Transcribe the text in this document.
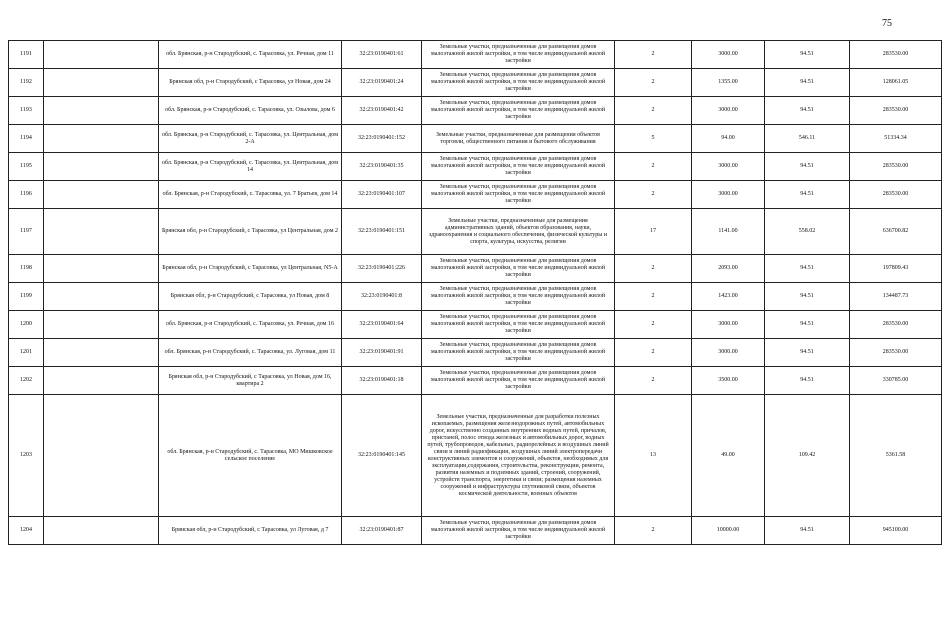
75
1191		обл. Брянская, р-н Стародубский, с. Тарасовка, ул. Речная, дом 11	32:23:0190401:61	Земельные участки, предназначенные для размещения домов малоэтажной жилой застройки, в том числе индивидуальной жилой застройки	2	3000.00	94.51	283530.00
1192		Брянская обл, р-н Стародубский, с Тарасовка, ул Новая, дом 24	32:23:0190401:24	Земельные участки, предназначенные для размещения домов малоэтажной жилой застройки, в том числе индивидуальной жилой застройки	2	1355.00	94.51	128061.05
1193		обл. Брянская, р-н Стародубский, с. Тарасовка, ул. Озылова, дом 6	32:23:0190401:42	Земельные участки, предназначенные для размещения домов малоэтажной жилой застройки, в том числе индивидуальной жилой застройки	2	3000.00	94.51	283530.00
1194		обл. Брянская, р-н Стародубский, с. Тарасовка, ул. Центральная, дом 2-А	32:23:0190401:152	Земельные участки, предназначенные для размещения объектов торговли, общественного питания и бытового обслуживания	5	94.00	546.11	51334.34
1195		обл. Брянская, р-н Стародубский, с. Тарасовка, ул. Центральная, дом 14	32:23:0190401:35	Земельные участки, предназначенные для размещения домов малоэтажной жилой застройки, в том числе индивидуальной жилой застройки	2	3000.00	94.51	283530.00
1196		обл. Брянская, р-н Стародубский, с. Тарасовка, ул. 7 Братьев, дом 14	32:23:0190401:107	Земельные участки, предназначенные для размещения домов малоэтажной жилой застройки, в том числе индивидуальной жилой застройки	2	3000.00	94.51	283530.00
1197		Брянская обл, р-н Стародубский, с Тарасовка, ул Центральная, дом 2	32:23:0190401:151	Земельные участки, предназначенные для размещения административных зданий, объектов образования, науки, здравоохранения и социального обеспечения, физической культуры и спорта, культуры, искусства, религии	17	1141.00	558.02	636700.82
1198		Брянская обл, р-н Стародубский, с Тарасовка, ул Центральная, N5-А	32:23:0190401:226	Земельные участки, предназначенные для размещения домов малоэтажной жилой застройки, в том числе индивидуальной жилой застройки	2	2093.00	94.51	197809.43
1199		Брянская обл, р-н Стародубский, с Тарасовка, ул Новая, дом 8	32:23:0190401:8	Земельные участки, предназначенные для размещения домов малоэтажной жилой застройки, в том числе индивидуальной жилой застройки	2	1423.00	94.51	134487.73
1200		обл. Брянская, р-н Стародубский, с. Тарасовка, ул. Речная, дом 16	32:23:0190401:64	Земельные участки, предназначенные для размещения домов малоэтажной жилой застройки, в том числе индивидуальной жилой застройки	2	3000.00	94.51	283530.00
1201		обл. Брянская, р-н Стародубский, с. Тарасовка, ул. Луговая, дом 11	32:23:0190401:91	Земельные участки, предназначенные для размещения домов малоэтажной жилой застройки, в том числе индивидуальной жилой застройки	2	3000.00	94.51	283530.00
1202		Брянская обл, р-н Стародубский, с Тарасовка, ул Новая, дом 16, квартира 2	32:23:0190401:18	Земельные участки, предназначенные для размещения домов малоэтажной жилой застройки, в том числе индивидуальной жилой застройки	2	3500.00	94.51	330785.00
1203		обл. Брянская, р-н Стародубский, с. Тарасовка, МО Мишковское сельское поселение	32:23:0190401:145	Земельные участки, предназначенные для разработки полезных ископаемых, размещения железнодорожных путей, автомобильных дорог, искусственно созданных внутренних водных путей, причалов, пристаней, полос отвода железных и автомобильных дорог, водных путей, трубопроводов, кабельных, радиорелейных и воздушных линий связи и линий радиофикации, воздушных линий электропередачи конструктивных элементов и сооружений, объектов, необходимых для эксплуатации,содержания, строительства, реконструкции, ремонта, развития наземных и подземных зданий, строений, сооружений, устройств транспорта, энергетики и связи; размещения наземных сооружений и инфраструктуры спутниковой связи, объектов космической деятельности, военных объектов	13	49.00	109.42	5361.58
1204		Брянская обл, р-н Стародубский, с Тарасовка, ул Луговая, д 7	32:23:0190401:87	Земельные участки, предназначенные для размещения домов малоэтажной жилой застройки, в том числе индивидуальной жилой застройки	2	10000.00	94.51	945100.00
